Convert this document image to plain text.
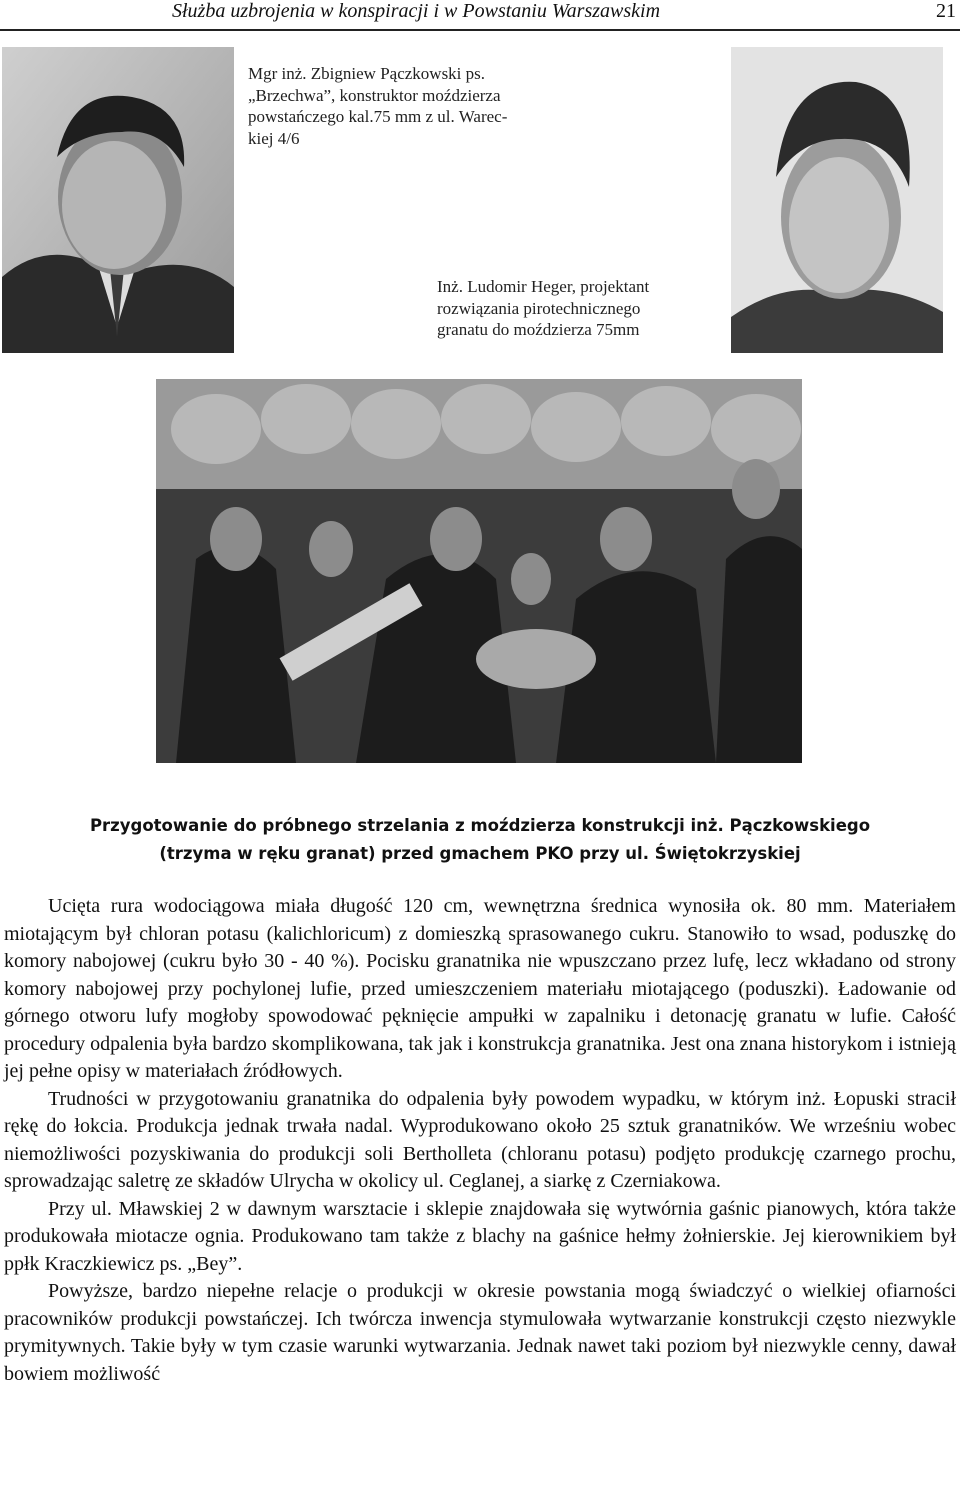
Służba uzbrojenia w konspiracji i w Powstaniu Warszawskim	21
Mgr inż. Zbigniew Pączkowski ps.
„Brzechwa”, konstruktor moździerza
powstańczego kal.75 mm z ul. Warec-
kiej 4/6
Inż. Ludomir Heger, projektant
rozwiązania pirotechnicznego
granatu do moździerza 75mm
Przygotowanie do próbnego strzelania z moździerza konstrukcji inż. Pączkowskiego
(trzyma w ręku granat) przed gmachem PKO przy ul. Świętokrzyskiej

Ucięta rura wodociągowa miała długość 120 cm, wewnętrzna średnica wynosiła ok. 80 mm. Materiałem miotającym był chloran potasu (kalichloricum) z domieszką sprasowanego cukru. Stanowiło to wsad, poduszkę do komory nabojowej (cukru było 30 - 40 %). Pocisku granatnika nie wpuszczano przez lufę, lecz wkładano od strony komory nabojowej przy pochylonej lufie, przed umieszczeniem materiału miotającego (poduszki). Ładowanie od górnego otworu lufy mogłoby spowodować pęknięcie ampułki w zapalniku i detonację granatu w lufie. Całość procedury odpalenia była bardzo skomplikowana, tak jak i konstrukcja granatnika. Jest ona znana historykom i istnieją jej pełne opisy w materiałach źródłowych.

Trudności w przygotowaniu granatnika do odpalenia były powodem wypadku, w którym inż. Łopuski stracił rękę do łokcia. Produkcja jednak trwała nadal. Wyprodukowano około 25 sztuk granatników. We wrześniu wobec niemożliwości pozyskiwania do produkcji soli Bertholleta (chloranu potasu) podjęto produkcję czarnego prochu, sprowadzając saletrę ze składów Ulrycha w okolicy ul. Ceglanej, a siarkę z Czerniakowa.

Przy ul. Mławskiej 2 w dawnym warsztacie i sklepie znajdowała się wytwórnia gaśnic pianowych, która także produkowała miotacze ognia. Produkowano tam także z blachy na gaśnice hełmy żołnierskie. Jej kierownikiem był ppłk Kraczkiewicz ps. „Bey”.

Powyższe, bardzo niepełne relacje o produkcji w okresie powstania mogą świadczyć o wielkiej ofiarności pracowników produkcji powstańczej. Ich twórcza inwencja stymulowała wytwarzanie konstrukcji często niezwykle prymitywnych. Takie były w tym czasie warunki wytwarzania. Jednak nawet taki poziom był niezwykle cenny, dawał bowiem możliwość
